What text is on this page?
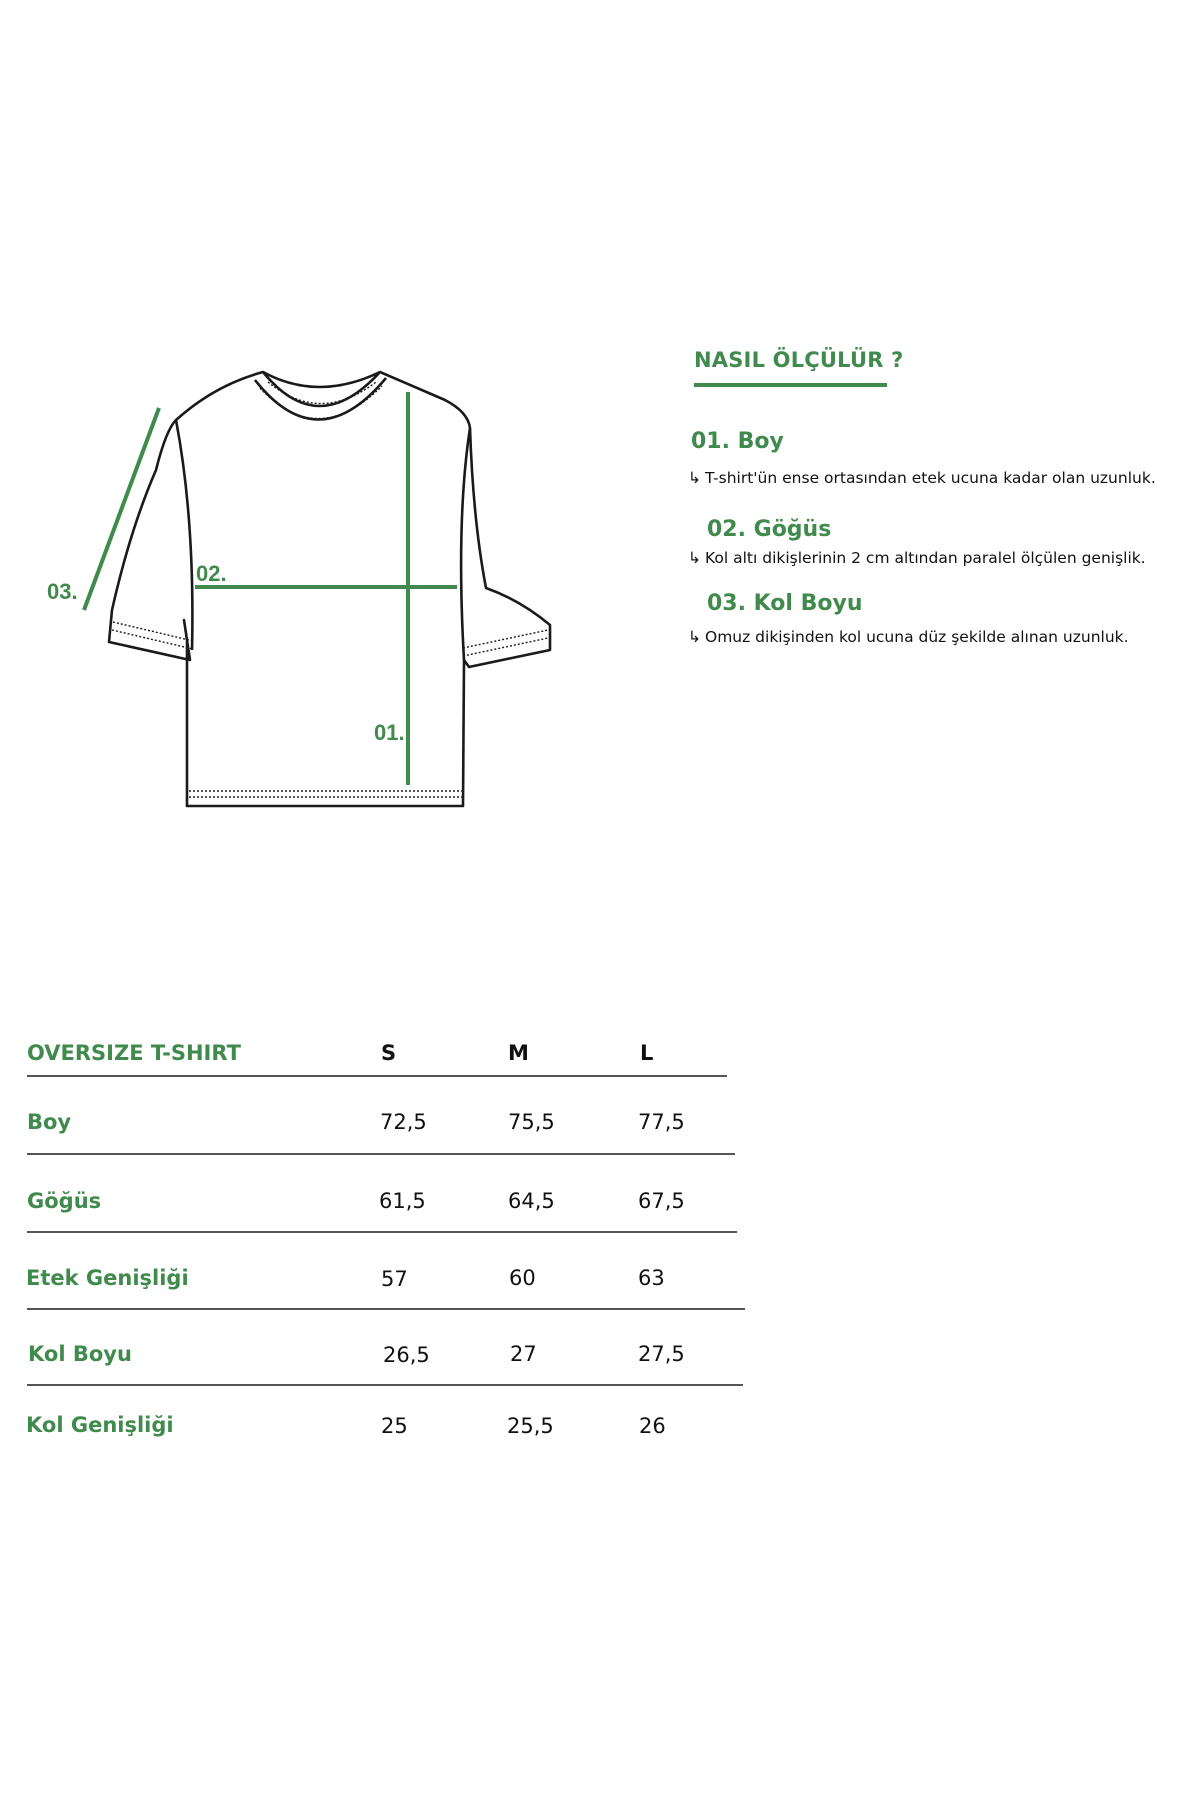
01.
02.
03.
NASIL ÖLÇÜLÜR ?
01. Boy
↳ T-shirt'ün ense ortasından etek ucuna kadar olan uzunluk.
02. Göğüs
↳ Kol altı dikişlerinin 2 cm altından paralel ölçülen genişlik.
03. Kol Boyu
↳ Omuz dikişinden kol ucuna düz şekilde alınan uzunluk.
OVERSIZE T-SHIRT	S	M	L
Boy	72,5	75,5	77,5
Göğüs	61,5	64,5	67,5
Etek Genişliği	57	60	63
Kol Boyu	26,5	27	27,5
Kol Genişliği	25	25,5	26
